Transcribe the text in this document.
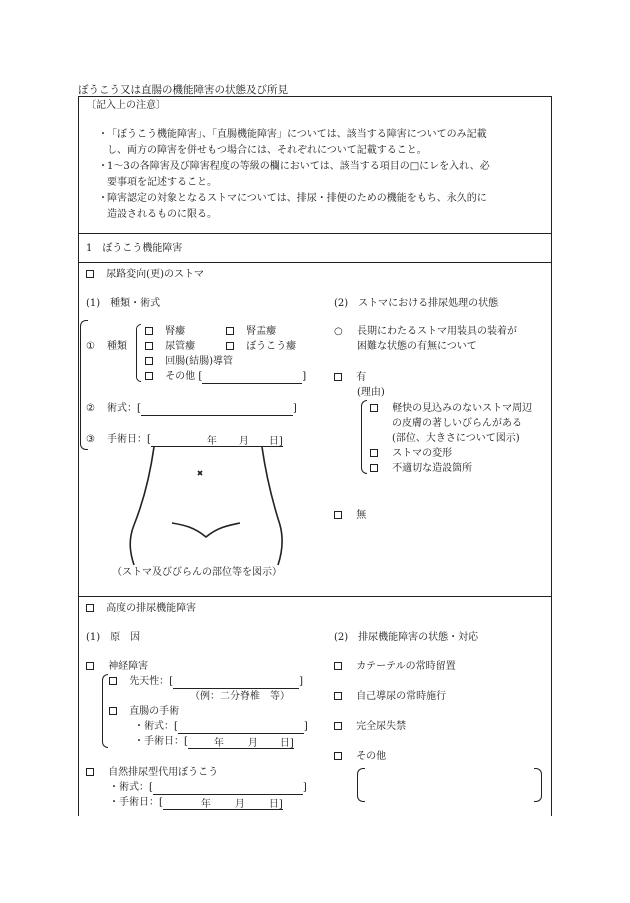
ぼうこう又は直腸の機能障害の状態及び所見
〔記入上の注意〕
・ 「ぼうこう機能障害」、「直腸機能障害」については、該当する障害についてのみ記載
し、両方の障害を併せもつ場合には、それぞれについて記載すること。
・ 1～3の各障害及び障害程度の等級の欄においては、該当する項目の□にレを入れ、必
要事項を記述すること。
・ 障害認定の対象となるストマについては、排尿・排便のための機能をもち、永久的に
造設されるものに限る。
1　ぼうこう機能障害
尿路変向(更)のストマ
(1)　種類・術式
① 種類
腎瘻	腎盂瘻
尿管瘻	ぼうこう瘻
回腸(結腸)導管
その他 [	]
② 術式：[	]
③ 手術日：[	年 月 日]
（ストマ及びびらんの部位等を図示）
(2)　ストマにおける排尿処理の状態
○ 長期にわたるストマ用装具の装着が
困難な状態の有無について
有
(理由)
軽快の見込みのないストマ周辺
の皮膚の著しいびらんがある
(部位、大きさについて図示)
ストマの変形
不適切な造設箇所
無
高度の排尿機能障害
(1)　原　因
神経障害
先天性：[	]
（例：二分脊椎　等）
直腸の手術
・術式：[	]
・手術日：[	年 月 日]
自然排尿型代用ぼうこう
・術式：[	]
・手術日：[	年 月 日]
(2)　排尿機能障害の状態・対応
カテーテルの常時留置
自己導尿の常時施行
完全尿失禁
その他
